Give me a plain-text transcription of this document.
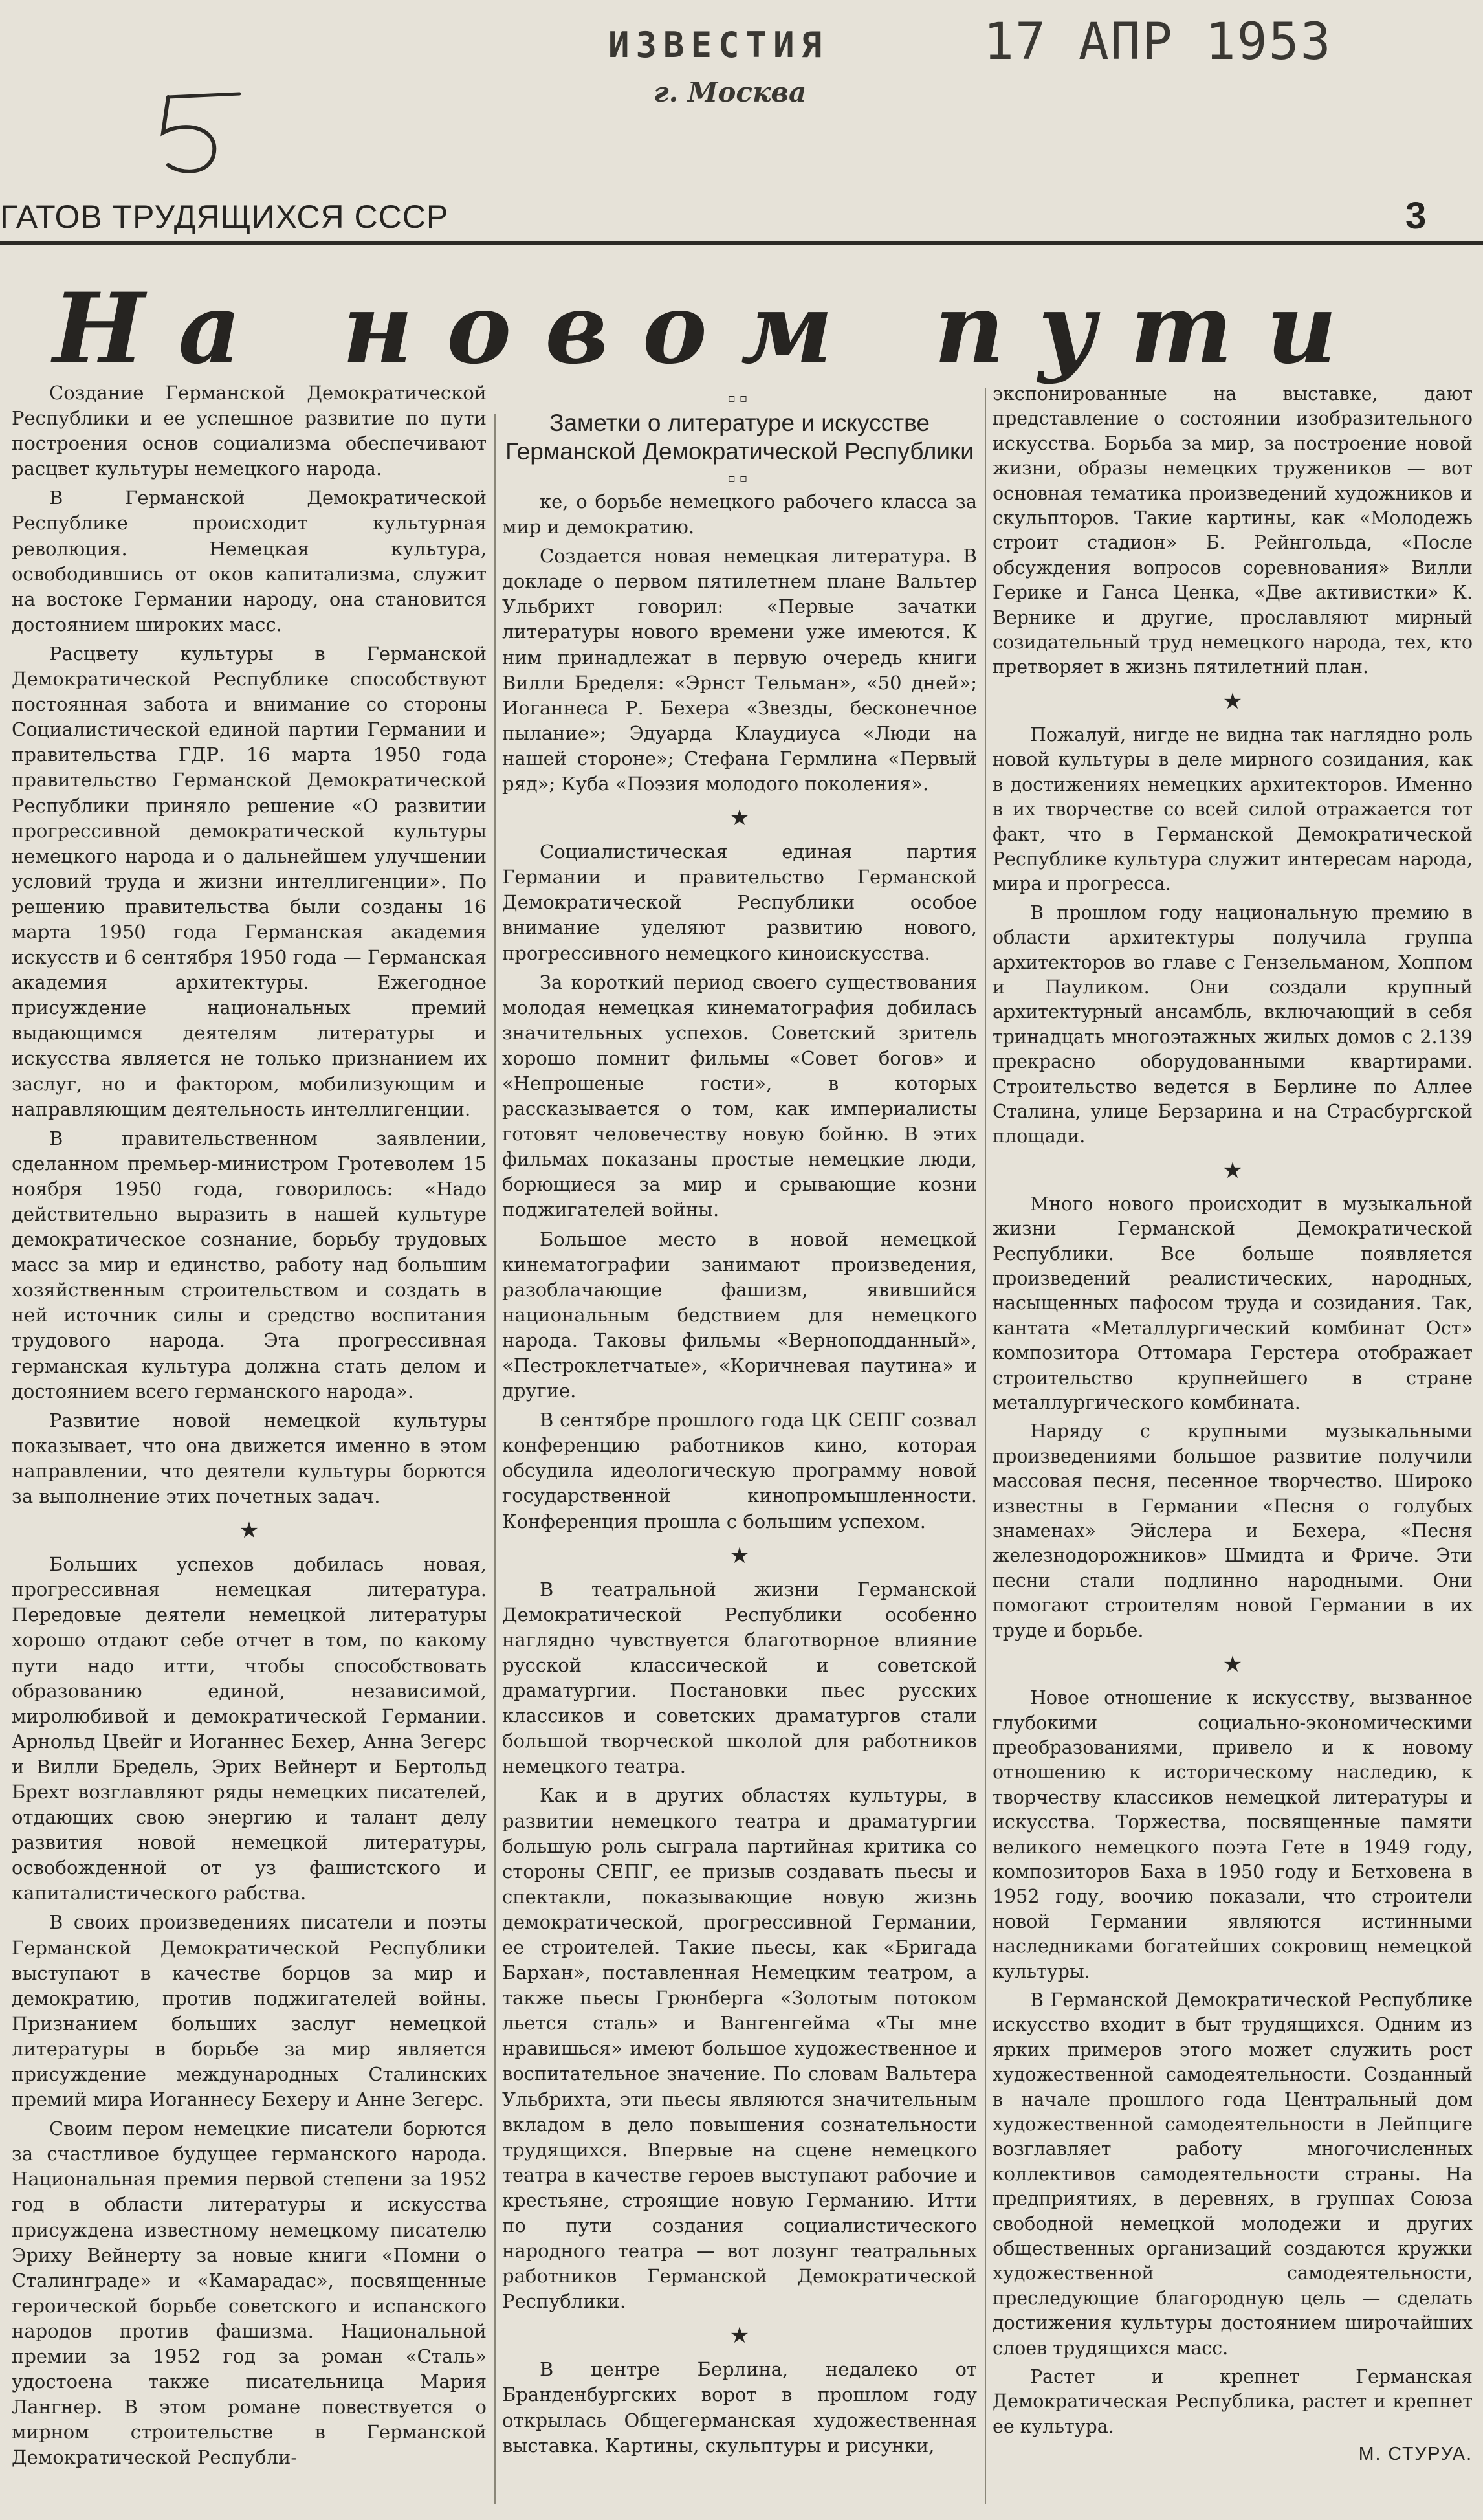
ИЗВЕСТИЯ
г. Москва
17 АПР 1953
ГАТОВ ТРУДЯЩИХСЯ СССР	3
На новом пути

Создание Германской Демократической Республики и ее успешное развитие по пути построения основ социализма обеспечивают расцвет культуры немецкого народа.

В Германской Демократической Республике происходит культурная революция. Немецкая культура, освободившись от оков капитализма, служит на востоке Германии народу, она становится достоянием широких масс.

Расцвету культуры в Германской Демократической Республике способствуют постоянная забота и внимание со стороны Социалистической единой партии Германии и правительства ГДР. 16 марта 1950 года правительство Германской Демократической Республики приняло решение «О развитии прогрессивной демократической культуры немецкого народа и о дальнейшем улучшении условий труда и жизни интеллигенции». По решению правительства были созданы 16 марта 1950 года Германская академия искусств и 6 сентября 1950 года — Германская академия архитектуры. Ежегодное присуждение национальных премий выдающимся деятелям литературы и искусства является не только признанием их заслуг, но и фактором, мобилизующим и направляющим деятельность интеллигенции.

В правительственном заявлении, сделанном премьер-министром Гротеволем 15 ноября 1950 года, говорилось: «Надо действительно выразить в нашей культуре демократическое сознание, борьбу трудовых масс за мир и единство, работу над большим хозяйственным строительством и создать в ней источник силы и средство воспитания трудового народа. Эта прогрессивная германская культура должна стать делом и достоянием всего германского народа».

Развитие новой немецкой культуры показывает, что она движется именно в этом направлении, что деятели культуры борются за выполнение этих почетных задач.

★

Больших успехов добилась новая, прогрессивная немецкая литература. Передовые деятели немецкой литературы хорошо отдают себе отчет в том, по какому пути надо итти, чтобы способствовать образованию единой, независимой, миролюбивой и демократической Германии. Арнольд Цвейг и Иоганнес Бехер, Анна Зегерс и Вилли Бредель, Эрих Вейнерт и Бертольд Брехт возглавляют ряды немецких писателей, отдающих свою энергию и талант делу развития новой немецкой литературы, освобожденной от уз фашистского и капиталистического рабства.

В своих произведениях писатели и поэты Германской Демократической Республики выступают в качестве борцов за мир и демократию, против поджигателей войны. Признанием больших заслуг немецкой литературы в борьбе за мир является присуждение международных Сталинских премий мира Иоганнесу Бехеру и Анне Зегерс.

Своим пером немецкие писатели борются за счастливое будущее германского народа. Национальная премия первой степени за 1952 год в области литературы и искусства присуждена известному немецкому писателю Эриху Вейнерту за новые книги «Помни о Сталинграде» и «Камарадас», посвященные героической борьбе советского и испанского народов против фашизма. Национальной премии за 1952 год за роман «Сталь» удостоена также писательница Мария Лангнер. В этом романе повествуется о мирном строительстве в Германской Демократической Республи-

▫▫
Заметки о литературе и искусстве Германской Демократической Республики
▫▫

ке, о борьбе немецкого рабочего класса за мир и демократию.

Создается новая немецкая литература. В докладе о первом пятилетнем плане Вальтер Ульбрихт говорил: «Первые зачатки литературы нового времени уже имеются. К ним принадлежат в первую очередь книги Вилли Бределя: «Эрнст Тельман», «50 дней»; Иоганнеса Р. Бехера «Звезды, бесконечное пылание»; Эдуарда Клаудиуса «Люди на нашей стороне»; Стефана Гермлина «Первый ряд»; Куба «Поэзия молодого поколения».

★

Социалистическая единая партия Германии и правительство Германской Демократической Республики особое внимание уделяют развитию нового, прогрессивного немецкого киноискусства.

За короткий период своего существования молодая немецкая кинематография добилась значительных успехов. Советский зритель хорошо помнит фильмы «Совет богов» и «Непрошеные гости», в которых рассказывается о том, как империалисты готовят человечеству новую бойню. В этих фильмах показаны простые немецкие люди, борющиеся за мир и срывающие козни поджигателей войны.

Большое место в новой немецкой кинематографии занимают произведения, разоблачающие фашизм, явившийся национальным бедствием для немецкого народа. Таковы фильмы «Верноподданный», «Пестроклетчатые», «Коричневая паутина» и другие.

В сентябре прошлого года ЦК СЕПГ созвал конференцию работников кино, которая обсудила идеологическую программу новой государственной кинопромышленности. Конференция прошла с большим успехом.

★

В театральной жизни Германской Демократической Республики особенно наглядно чувствуется благотворное влияние русской классической и советской драматургии. Постановки пьес русских классиков и советских драматургов стали большой творческой школой для работников немецкого театра.

Как и в других областях культуры, в развитии немецкого театра и драматургии большую роль сыграла партийная критика со стороны СЕПГ, ее призыв создавать пьесы и спектакли, показывающие новую жизнь демократической, прогрессивной Германии, ее строителей. Такие пьесы, как «Бригада Бархан», поставленная Немецким театром, а также пьесы Грюнберга «Золотым потоком льется сталь» и Вангенгейма «Ты мне нравишься» имеют большое художественное и воспитательное значение. По словам Вальтера Ульбрихта, эти пьесы являются значительным вкладом в дело повышения сознательности трудящихся. Впервые на сцене немецкого театра в качестве героев выступают рабочие и крестьяне, строящие новую Германию. Итти по пути создания социалистического народного театра — вот лозунг театральных работников Германской Демократической Республики.

★

В центре Берлина, недалеко от Бранденбургских ворот в прошлом году открылась Общегерманская художественная выставка. Картины, скульптуры и рисунки,

экспонированные на выставке, дают представление о состоянии изобразительного искусства. Борьба за мир, за построение новой жизни, образы немецких тружеников — вот основная тематика произведений художников и скульпторов. Такие картины, как «Молодежь строит стадион» Б. Рейнгольда, «После обсуждения вопросов соревнования» Вилли Герике и Ганса Ценка, «Две активистки» К. Вернике и другие, прославляют мирный созидательный труд немецкого народа, тех, кто претворяет в жизнь пятилетний план.

★

Пожалуй, нигде не видна так наглядно роль новой культуры в деле мирного созидания, как в достижениях немецких архитекторов. Именно в их творчестве со всей силой отражается тот факт, что в Германской Демократической Республике культура служит интересам народа, мира и прогресса.

В прошлом году национальную премию в области архитектуры получила группа архитекторов во главе с Гензельманом, Хоппом и Пауликом. Они создали крупный архитектурный ансамбль, включающий в себя тринадцать многоэтажных жилых домов с 2.139 прекрасно оборудованными квартирами. Строительство ведется в Берлине по Аллее Сталина, улице Берзарина и на Страсбургской площади.

★

Много нового происходит в музыкальной жизни Германской Демократической Республики. Все больше появляется произведений реалистических, народных, насыщенных пафосом труда и созидания. Так, кантата «Металлургический комбинат Ост» композитора Оттомара Герстера отображает строительство крупнейшего в стране металлургического комбината.

Наряду с крупными музыкальными произведениями большое развитие получили массовая песня, песенное творчество. Широко известны в Германии «Песня о голубых знаменах» Эйслера и Бехера, «Песня железнодорожников» Шмидта и Фриче. Эти песни стали подлинно народными. Они помогают строителям новой Германии в их труде и борьбе.

★

Новое отношение к искусству, вызванное глубокими социально-экономическими преобразованиями, привело и к новому отношению к историческому наследию, к творчеству классиков немецкой литературы и искусства. Торжества, посвященные памяти великого немецкого поэта Гете в 1949 году, композиторов Баха в 1950 году и Бетховена в 1952 году, воочию показали, что строители новой Германии являются истинными наследниками богатейших сокровищ немецкой культуры.

В Германской Демократической Республике искусство входит в быт трудящихся. Одним из ярких примеров этого может служить рост художественной самодеятельности. Созданный в начале прошлого года Центральный дом художественной самодеятельности в Лейпциге возглавляет работу многочисленных коллективов самодеятельности страны. На предприятиях, в деревнях, в группах Союза свободной немецкой молодежи и других общественных организаций создаются кружки художественной самодеятельности, преследующие благородную цель — сделать достижения культуры достоянием широчайших слоев трудящихся масс.

Растет и крепнет Германская Демократическая Республика, растет и крепнет ее культура.

М. СТУРУА.
